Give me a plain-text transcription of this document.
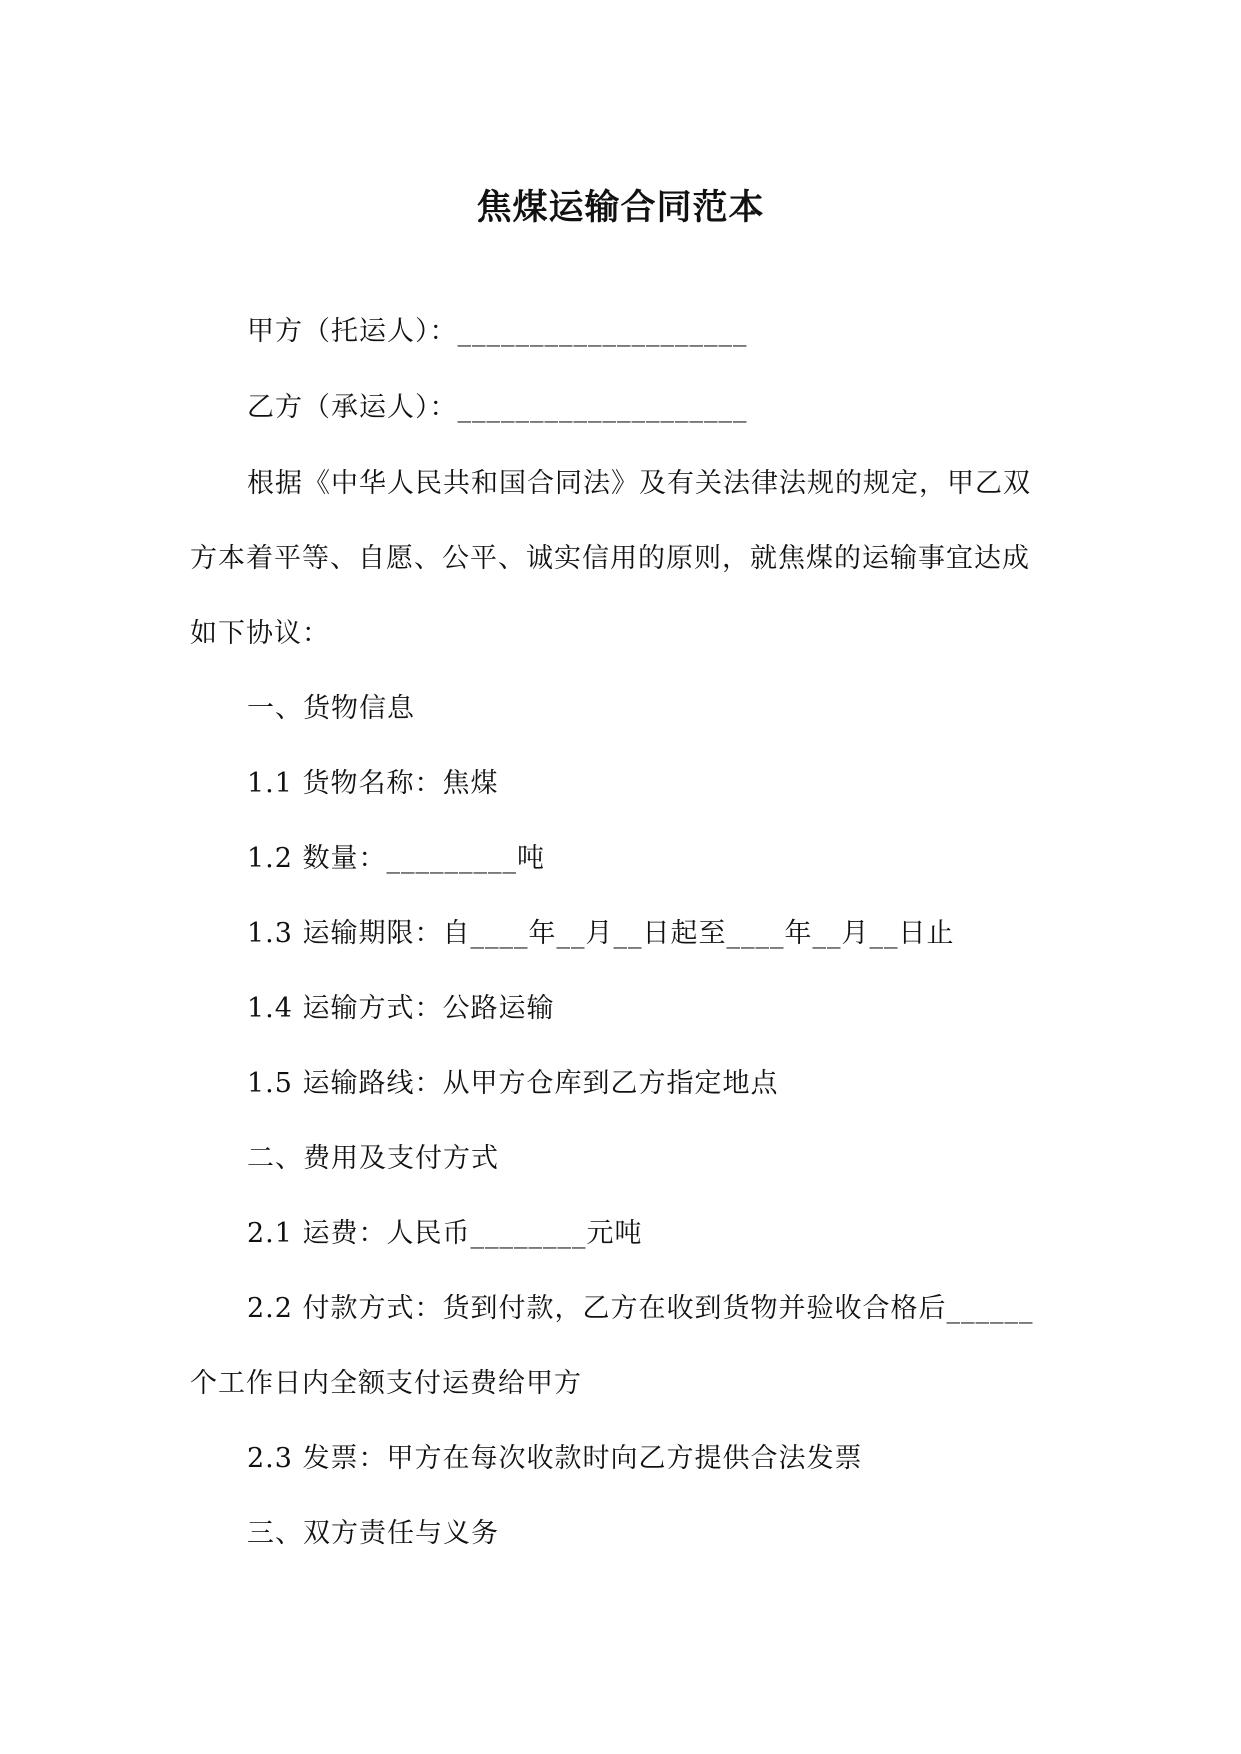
焦煤运输合同范本
甲方（托运人）：____________________
乙方（承运人）：____________________
根据《中华人民共和国合同法》及有关法律法规的规定，甲乙双
方本着平等、自愿、公平、诚实信用的原则，就焦煤的运输事宜达成
如下协议：
一、货物信息
1.1 货物名称：焦煤
1.2 数量：_________吨
1.3 运输期限：自____年__月__日起至____年__月__日止
1.4 运输方式：公路运输
1.5 运输路线：从甲方仓库到乙方指定地点
二、费用及支付方式
2.1 运费：人民币________元吨
2.2 付款方式：货到付款，乙方在收到货物并验收合格后______
个工作日内全额支付运费给甲方
2.3 发票：甲方在每次收款时向乙方提供合法发票
三、双方责任与义务
